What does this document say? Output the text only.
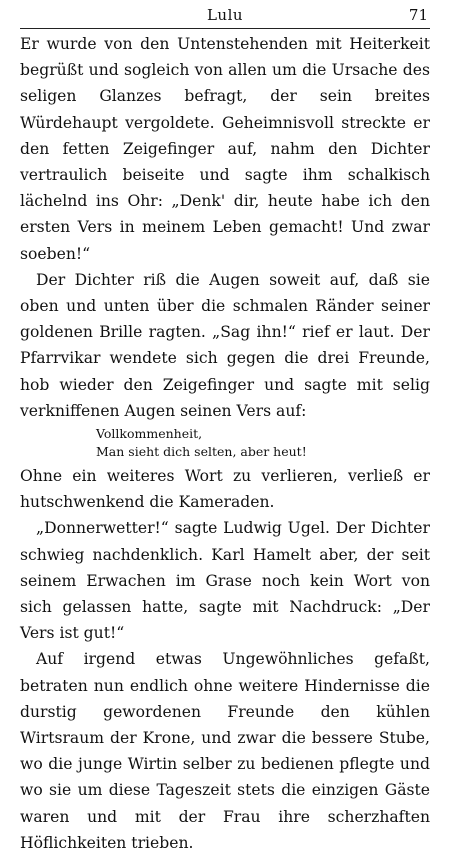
Lulu	71

Er wurde von den Untenstehenden mit Heiterkeit begrüßt und sogleich von allen um die Ursache des seligen Glanzes befragt, der sein breites Würdehaupt vergoldete. Geheimnisvoll streckte er den fetten Zeigefinger auf, nahm den Dichter vertraulich beiseite und sagte ihm schalkisch lächelnd ins Ohr: „Denk' dir, heute habe ich den ersten Vers in meinem Leben gemacht! Und zwar soeben!“

Der Dichter riß die Augen soweit auf, daß sie oben und unten über die schmalen Ränder seiner goldenen Brille ragten. „Sag ihn!“ rief er laut. Der Pfarrvikar wendete sich gegen die drei Freunde, hob wieder den Zeigefinger und sagte mit selig verkniffenen Augen seinen Vers auf:

Vollkommenheit,
Man sieht dich selten, aber heut!

Ohne ein weiteres Wort zu verlieren, verließ er hutschwenkend die Kameraden.

„Donnerwetter!“ sagte Ludwig Ugel. Der Dichter schwieg nachdenklich. Karl Hamelt aber, der seit seinem Erwachen im Grase noch kein Wort von sich gelassen hatte, sagte mit Nachdruck: „Der Vers ist gut!“

Auf irgend etwas Ungewöhnliches gefaßt, betraten nun endlich ohne weitere Hindernisse die durstig gewordenen Freunde den kühlen Wirtsraum der Krone, und zwar die bessere Stube, wo die junge Wirtin selber zu bedienen pflegte und wo sie um diese Tageszeit stets die einzigen Gäste waren und mit der Frau ihre scherzhaften Höflichkeiten trieben.
